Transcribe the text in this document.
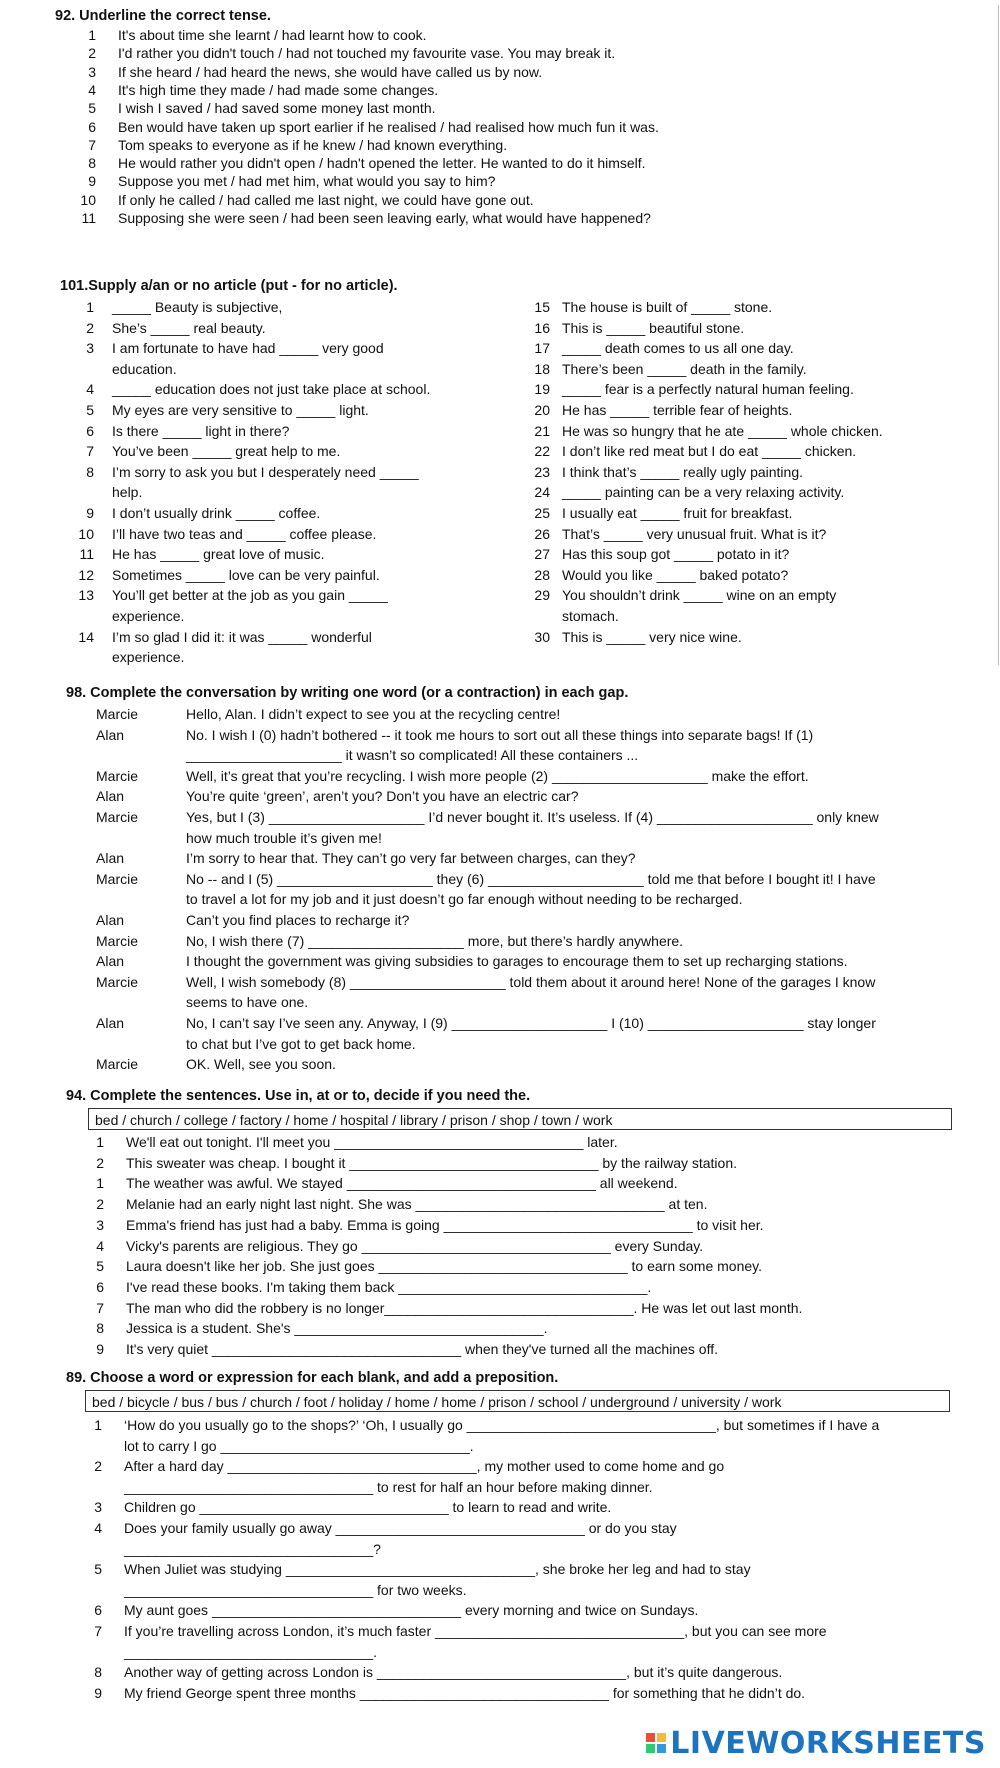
92. Underline the correct tense.
1 It's about time she learnt / had learnt how to cook.
2 I'd rather you didn't touch / had not touched my favourite vase. You may break it.
3 If she heard / had heard the news, she would have called us by now.
4 It's high time they made / had made some changes.
5 I wish I saved / had saved some money last month.
6 Ben would have taken up sport earlier if he realised / had realised how much fun it was.
7 Tom speaks to everyone as if he knew / had known everything.
8 He would rather you didn't open / hadn't opened the letter. He wanted to do it himself.
9 Suppose you met / had met him, what would you say to him?
10 If only he called / had called me last night, we could have gone out.
11 Supposing she were seen / had been seen leaving early, what would have happened?
101.Supply a/an or no article (put - for no article).
1 _____ Beauty is subjective,
2 She’s _____ real beauty.
3 I am fortunate to have had _____ very good
education.
4 _____ education does not just take place at school.
5 My eyes are very sensitive to _____ light.
6 Is there _____ light in there?
7 You’ve been _____ great help to me.
8 I’m sorry to ask you but I desperately need _____
help.
9 I don’t usually drink _____ coffee.
10 I’ll have two teas and _____ coffee please.
11 He has _____ great love of music.
12 Sometimes _____ love can be very painful.
13 You’ll get better at the job as you gain _____
experience.
14 I’m so glad I did it: it was _____ wonderful
experience.
15 The house is built of _____ stone.
16 This is _____ beautiful stone.
17 _____ death comes to us all one day.
18 There’s been _____ death in the family.
19 _____ fear is a perfectly natural human feeling.
20 He has _____ terrible fear of heights.
21 He was so hungry that he ate _____ whole chicken.
22 I don’t like red meat but I do eat _____ chicken.
23 I think that’s _____ really ugly painting.
24 _____ painting can be a very relaxing activity.
25 I usually eat _____ fruit for breakfast.
26 That’s _____ very unusual fruit. What is it?
27 Has this soup got _____ potato in it?
28 Would you like _____ baked potato?
29 You shouldn’t drink _____ wine on an empty
stomach.
30 This is _____ very nice wine.
98. Complete the conversation by writing one word (or a contraction) in each gap.
Marcie	Hello, Alan. I didn’t expect to see you at the recycling centre!
Alan	No. I wish I (0) hadn’t bothered -- it took me hours to sort out all these things into separate bags! If (1)
____________________ it wasn’t so complicated! All these containers ...
Marcie	Well, it’s great that you’re recycling. I wish more people (2) ____________________ make the effort.
Alan	You’re quite ‘green’, aren’t you? Don’t you have an electric car?
Marcie	Yes, but I (3) ____________________ I’d never bought it. It’s useless. If (4) ____________________ only knew
how much trouble it’s given me!
Alan	I’m sorry to hear that. They can’t go very far between charges, can they?
Marcie	No -- and I (5) ____________________ they (6) ____________________ told me that before I bought it! I have
to travel a lot for my job and it just doesn’t go far enough without needing to be recharged.
Alan	Can’t you find places to recharge it?
Marcie	No, I wish there (7) ____________________ more, but there’s hardly anywhere.
Alan	I thought the government was giving subsidies to garages to encourage them to set up recharging stations.
Marcie	Well, I wish somebody (8) ____________________ told them about it around here! None of the garages I know
seems to have one.
Alan	No, I can’t say I’ve seen any. Anyway, I (9) ____________________ I (10) ____________________ stay longer
to chat but I’ve got to get back home.
Marcie	OK. Well, see you soon.
94. Complete the sentences. Use in, at or to, decide if you need the.
bed / church / college / factory / home / hospital / library / prison / shop / town / work
1 We'll eat out tonight. I'll meet you ________________________________ later.
2 This sweater was cheap. I bought it ________________________________ by the railway station.
1 The weather was awful. We stayed ________________________________ all weekend.
2 Melanie had an early night last night. She was ________________________________ at ten.
3 Emma's friend has just had a baby. Emma is going ________________________________ to visit her.
4 Vicky's parents are religious. They go ________________________________ every Sunday.
5 Laura doesn't like her job. She just goes ________________________________ to earn some money.
6 I've read these books. I'm taking them back ________________________________.
7 The man who did the robbery is no longer________________________________. He was let out last month.
8 Jessica is a student. She's ________________________________.
9 It's very quiet ________________________________ when they've turned all the machines off.
89. Choose a word or expression for each blank, and add a preposition.
bed / bicycle / bus / bus / church / foot / holiday / home / home / prison / school / underground / university / work
1 ‘How do you usually go to the shops?’ ‘Oh, I usually go ________________________________, but sometimes if I have a
lot to carry I go ________________________________.
2 After a hard day ________________________________, my mother used to come home and go
________________________________ to rest for half an hour before making dinner.
3 Children go ________________________________ to learn to read and write.
4 Does your family usually go away ________________________________ or do you stay
________________________________?
5 When Juliet was studying ________________________________, she broke her leg and had to stay
________________________________ for two weeks.
6 My aunt goes ________________________________ every morning and twice on Sundays.
7 If you’re travelling across London, it’s much faster ________________________________, but you can see more
________________________________.
8 Another way of getting across London is ________________________________, but it’s quite dangerous.
9 My friend George spent three months ________________________________ for something that he didn’t do.
LIVEWORKSHEETS
